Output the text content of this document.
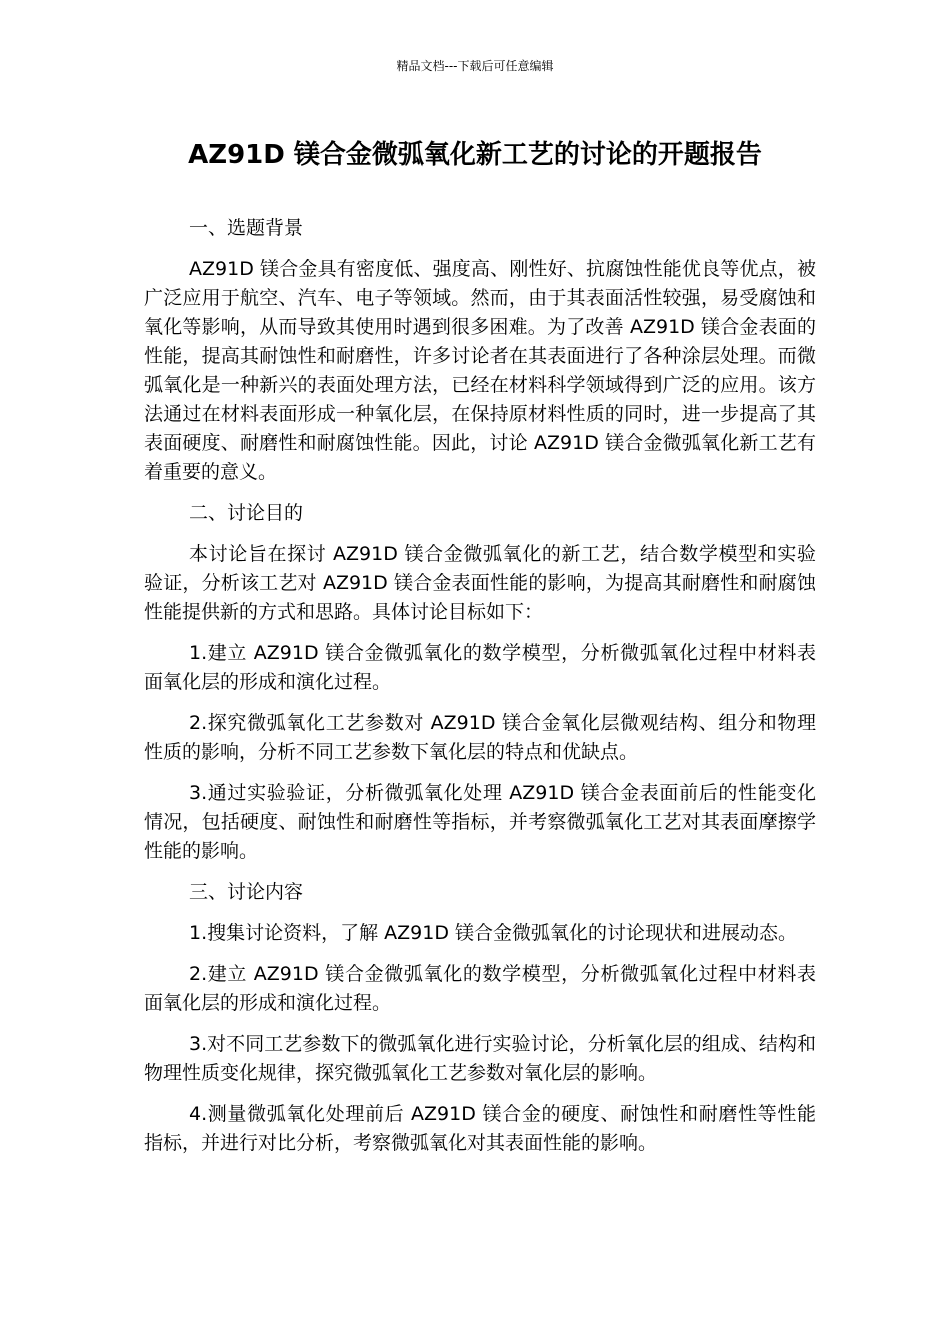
精品文档---下载后可任意编辑
AZ91D 镁合金微弧氧化新工艺的讨论的开题报告

一、选题背景

AZ91D 镁合金具有密度低、强度高、刚性好、抗腐蚀性能优良等优点，被广泛应用于航空、汽车、电子等领域。然而，由于其表面活性较强，易受腐蚀和氧化等影响，从而导致其使用时遇到很多困难。为了改善 AZ91D 镁合金表面的性能，提高其耐蚀性和耐磨性，许多讨论者在其表面进行了各种涂层处理。而微弧氧化是一种新兴的表面处理方法，已经在材料科学领域得到广泛的应用。该方法通过在材料表面形成一种氧化层，在保持原材料性质的同时，进一步提高了其表面硬度、耐磨性和耐腐蚀性能。因此，讨论 AZ91D 镁合金微弧氧化新工艺有着重要的意义。

二、讨论目的

本讨论旨在探讨 AZ91D 镁合金微弧氧化的新工艺，结合数学模型和实验验证，分析该工艺对 AZ91D 镁合金表面性能的影响，为提高其耐磨性和耐腐蚀性能提供新的方式和思路。具体讨论目标如下：

1.建立 AZ91D 镁合金微弧氧化的数学模型，分析微弧氧化过程中材料表面氧化层的形成和演化过程。

2.探究微弧氧化工艺参数对 AZ91D 镁合金氧化层微观结构、组分和物理性质的影响，分析不同工艺参数下氧化层的特点和优缺点。

3.通过实验验证，分析微弧氧化处理 AZ91D 镁合金表面前后的性能变化情况，包括硬度、耐蚀性和耐磨性等指标，并考察微弧氧化工艺对其表面摩擦学性能的影响。

三、讨论内容

1.搜集讨论资料，了解 AZ91D 镁合金微弧氧化的讨论现状和进展动态。

2.建立 AZ91D 镁合金微弧氧化的数学模型，分析微弧氧化过程中材料表面氧化层的形成和演化过程。

3.对不同工艺参数下的微弧氧化进行实验讨论，分析氧化层的组成、结构和物理性质变化规律，探究微弧氧化工艺参数对氧化层的影响。

4.测量微弧氧化处理前后 AZ91D 镁合金的硬度、耐蚀性和耐磨性等性能指标，并进行对比分析，考察微弧氧化对其表面性能的影响。
